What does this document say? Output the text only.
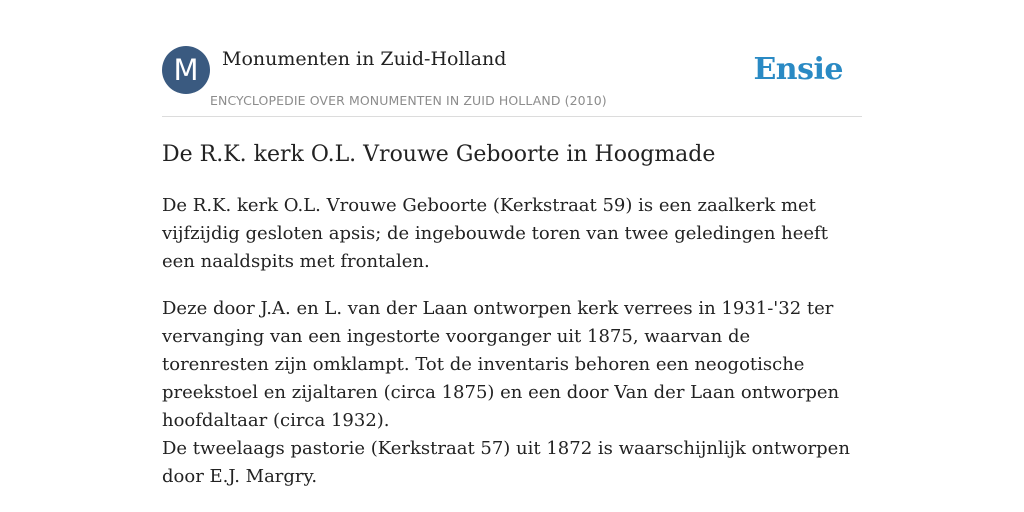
M	Monumenten in Zuid-Holland
ENCYCLOPEDIE OVER MONUMENTEN IN ZUID HOLLAND (2010)
Ensie
De R.K. kerk O.L. Vrouwe Geboorte in Hoogmade

De R.K. kerk O.L. Vrouwe Geboorte (Kerkstraat 59) is een zaalkerk met vijfzijdig gesloten apsis; de ingebouwde toren van twee geledingen heeft een naaldspits met frontalen.

Deze door J.A. en L. van der Laan ontworpen kerk verrees in 1931-'32 ter vervanging van een ingestorte voorganger uit 1875, waarvan de torenresten zijn omklampt. Tot de inventaris behoren een neogotische preekstoel en zijaltaren (circa 1875) en een door Van der Laan ontworpen hoofdaltaar (circa 1932).

De tweelaags pastorie (Kerkstraat 57) uit 1872 is waarschijnlijk ontworpen door E.J. Margry.
